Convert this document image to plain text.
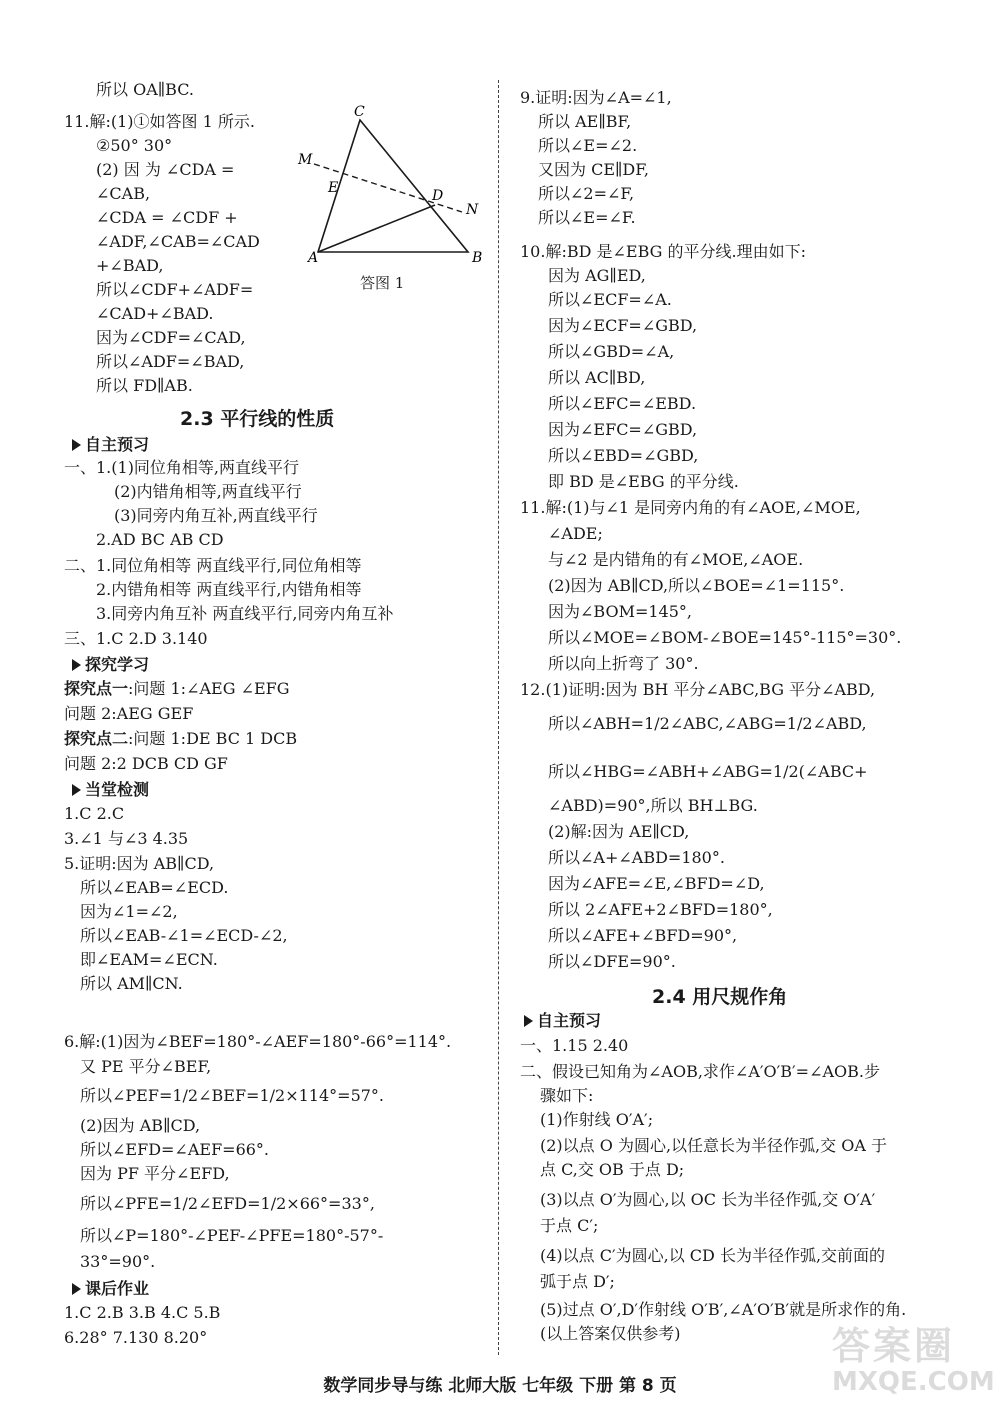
所以 OA∥BC.
11.解:(1)①如答图 1 所示.
②50° 30°
(2) 因 为 ∠CDA =
∠CAB,
∠CDA = ∠CDF +
∠ADF,∠CAB=∠CAD
+∠BAD,
所以∠CDF+∠ADF=
∠CAD+∠BAD.
因为∠CDF=∠CAD,
所以∠ADF=∠BAD,
所以 FD∥AB.
C
M
E	D
N
A	B
答图 1
2.3 平行线的性质
自主预习
一、1.(1)同位角相等,两直线平行
(2)内错角相等,两直线平行
(3)同旁内角互补,两直线平行
2.AD BC AB CD
二、1.同位角相等 两直线平行,同位角相等
2.内错角相等 两直线平行,内错角相等
3.同旁内角互补 两直线平行,同旁内角互补
三、1.C 2.D 3.140
探究学习
探究点一:问题 1:∠AEG ∠EFG
问题 2:AEG GEF
探究点二:问题 1:DE BC 1 DCB
问题 2:2 DCB CD GF
当堂检测
1.C 2.C
3.∠1 与∠3 4.35
5.证明:因为 AB∥CD,
所以∠EAB=∠ECD.
因为∠1=∠2,
所以∠EAB-∠1=∠ECD-∠2,
即∠EAM=∠ECN.
所以 AM∥CN.
6.解:(1)因为∠BEF=180°-∠AEF=180°-66°=114°.
又 PE 平分∠BEF,
所以∠PEF=1/2∠BEF=1/2×114°=57°.
(2)因为 AB∥CD,
所以∠EFD=∠AEF=66°.
因为 PF 平分∠EFD,
所以∠PFE=1/2∠EFD=1/2×66°=33°,
所以∠P=180°-∠PEF-∠PFE=180°-57°-
33°=90°.
课后作业
1.C 2.B 3.B 4.C 5.B
6.28° 7.130 8.20°
9.证明:因为∠A=∠1,
所以 AE∥BF,
所以∠E=∠2.
又因为 CE∥DF,
所以∠2=∠F,
所以∠E=∠F.
10.解:BD 是∠EBG 的平分线.理由如下:
因为 AG∥ED,
所以∠ECF=∠A.
因为∠ECF=∠GBD,
所以∠GBD=∠A,
所以 AC∥BD,
所以∠EFC=∠EBD.
因为∠EFC=∠GBD,
所以∠EBD=∠GBD,
即 BD 是∠EBG 的平分线.
11.解:(1)与∠1 是同旁内角的有∠AOE,∠MOE,
∠ADE;
与∠2 是内错角的有∠MOE,∠AOE.
(2)因为 AB∥CD,所以∠BOE=∠1=115°.
因为∠BOM=145°,
所以∠MOE=∠BOM-∠BOE=145°-115°=30°.
所以向上折弯了 30°.
12.(1)证明:因为 BH 平分∠ABC,BG 平分∠ABD,
所以∠ABH=1/2∠ABC,∠ABG=1/2∠ABD,
所以∠HBG=∠ABH+∠ABG=1/2(∠ABC+
∠ABD)=90°,所以 BH⊥BG.
(2)解:因为 AE∥CD,
所以∠A+∠ABD=180°.
因为∠AFE=∠E,∠BFD=∠D,
所以 2∠AFE+2∠BFD=180°,
所以∠AFE+∠BFD=90°,
所以∠DFE=90°.
2.4 用尺规作角
自主预习
一、1.15 2.40
二、假设已知角为∠AOB,求作∠A′O′B′=∠AOB.步
骤如下:
(1)作射线 O′A′;
(2)以点 O 为圆心,以任意长为半径作弧,交 OA 于
点 C,交 OB 于点 D;
(3)以点 O′为圆心,以 OC 长为半径作弧,交 O′A′
于点 C′;
(4)以点 C′为圆心,以 CD 长为半径作弧,交前面的
弧于点 D′;
(5)过点 O′,D′作射线 O′B′,∠A′O′B′就是所求作的角.
(以上答案仅供参考)	答案圈
MXQE.COM
数学同步导与练 北师大版 七年级 下册 第 8 页
